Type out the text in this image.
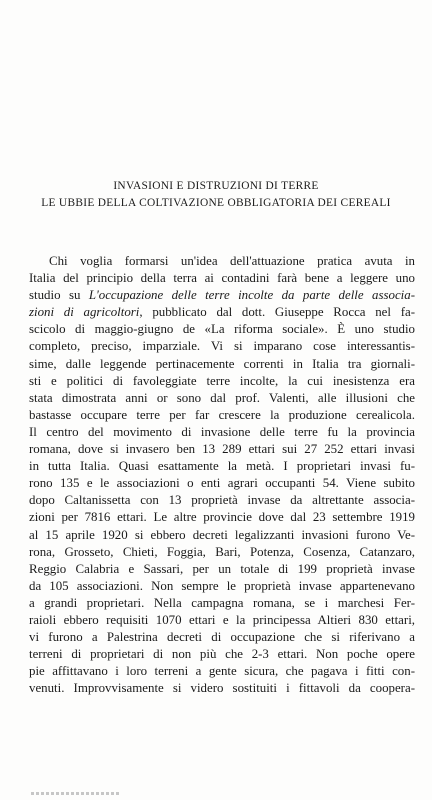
INVASIONI E DISTRUZIONI DI TERRE
LE UBBIE DELLA COLTIVAZIONE OBBLIGATORIA DEI CEREALI
Chi voglia formarsi un'idea dell'attuazione pratica avuta in
Italia del principio della terra ai contadini farà bene a leggere uno
studio su L'occupazione delle terre incolte da parte delle associa-
zioni di agricoltori, pubblicato dal dott. Giuseppe Rocca nel fa-
scicolo di maggio-giugno de «La riforma sociale». È uno studio
completo, preciso, imparziale. Vi si imparano cose interessantis-
sime, dalle leggende pertinacemente correnti in Italia tra giornali-
sti e politici di favoleggiate terre incolte, la cui inesistenza era
stata dimostrata anni or sono dal prof. Valenti, alle illusioni che
bastasse occupare terre per far crescere la produzione cerealicola.
Il centro del movimento di invasione delle terre fu la provincia
romana, dove si invasero ben 13 289 ettari sui 27 252 ettari invasi
in tutta Italia. Quasi esattamente la metà. I proprietari invasi fu-
rono 135 e le associazioni o enti agrari occupanti 54. Viene subito
dopo Caltanissetta con 13 proprietà invase da altrettante associa-
zioni per 7816 ettari. Le altre provincie dove dal 23 settembre 1919
al 15 aprile 1920 si ebbero decreti legalizzanti invasioni furono Ve-
rona, Grosseto, Chieti, Foggia, Bari, Potenza, Cosenza, Catanzaro,
Reggio Calabria e Sassari, per un totale di 199 proprietà invase
da 105 associazioni. Non sempre le proprietà invase appartenevano
a grandi proprietari. Nella campagna romana, se i marchesi Fer-
raioli ebbero requisiti 1070 ettari e la principessa Altieri 830 ettari,
vi furono a Palestrina decreti di occupazione che si riferivano a
terreni di proprietari di non più che 2-3 ettari. Non poche opere
pie affittavano i loro terreni a gente sicura, che pagava i fitti con-
venuti. Improvvisamente si videro sostituiti i fittavoli da coopera-
